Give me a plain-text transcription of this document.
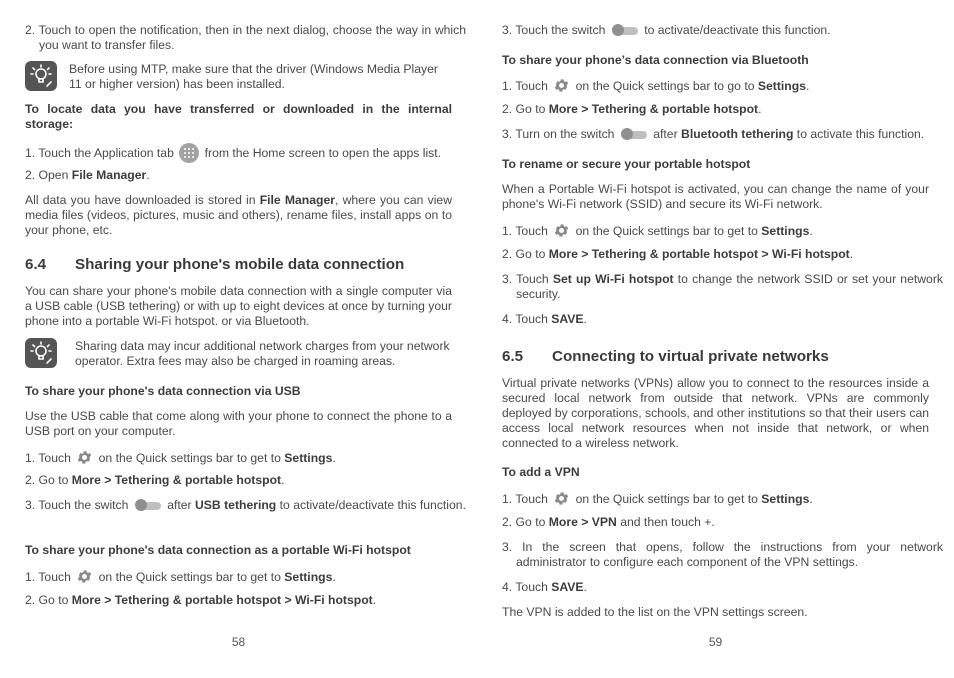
2. Touch to open the notification, then in the next dialog, choose the way in which you want to transfer files.

Before using MTP, make sure that the driver (Windows Media Player 11 or higher version) has been installed.

To locate data you have transferred or downloaded in the internal storage:

1. Touch the Application tab	from the Home screen to open the apps list.

2. Open File Manager.

All data you have downloaded is stored in File Manager, where you can view media files (videos, pictures, music and others), rename files, install apps on to your phone, etc.

6.4 Sharing your phone's mobile data connection

You can share your phone's mobile data connection with a single computer via a USB cable (USB tethering) or with up to eight devices at once by turning your phone into a portable Wi-Fi hotspot. or via Bluetooth.

Sharing data may incur additional network charges from your network operator. Extra fees may also be charged in roaming areas.

To share your phone's data connection via USB

Use the USB cable that come along with your phone to connect the phone to a USB port on your computer.

1. Touch on the Quick settings bar to get to Settings.

2. Go to More > Tethering & portable hotspot.

3. Touch the switch	after USB tethering to activate/deactivate this function.

To share your phone's data connection as a portable Wi-Fi hotspot

1. Touch on the Quick settings bar to get to Settings.

2. Go to More > Tethering & portable hotspot > Wi-Fi hotspot.

58

3. Touch the switch	to activate/deactivate this function.

To share your phone’s data connection via Bluetooth

1. Touch on the Quick settings bar to go to Settings.

2. Go to More > Tethering & portable hotspot.

3. Turn on the switch	after Bluetooth tethering to activate this function.

To rename or secure your portable hotspot

When a Portable Wi-Fi hotspot is activated, you can change the name of your phone's Wi-Fi network (SSID) and secure its Wi-Fi network.

1. Touch on the Quick settings bar to get to Settings.

2. Go to More > Tethering & portable hotspot > Wi-Fi hotspot.

3. Touch Set up Wi-Fi hotspot to change the network SSID or set your network security.

4. Touch SAVE.

6.5 Connecting to virtual private networks

Virtual private networks (VPNs) allow you to connect to the resources inside a secured local network from outside that network. VPNs are commonly deployed by corporations, schools, and other institutions so that their users can access local network resources when not inside that network, or when connected to a wireless network.

To add a VPN

1. Touch on the Quick settings bar to get to Settings.

2. Go to More > VPN and then touch +.

3. In the screen that opens, follow the instructions from your network administrator to configure each component of the VPN settings.

4. Touch SAVE.

The VPN is added to the list on the VPN settings screen.

59
